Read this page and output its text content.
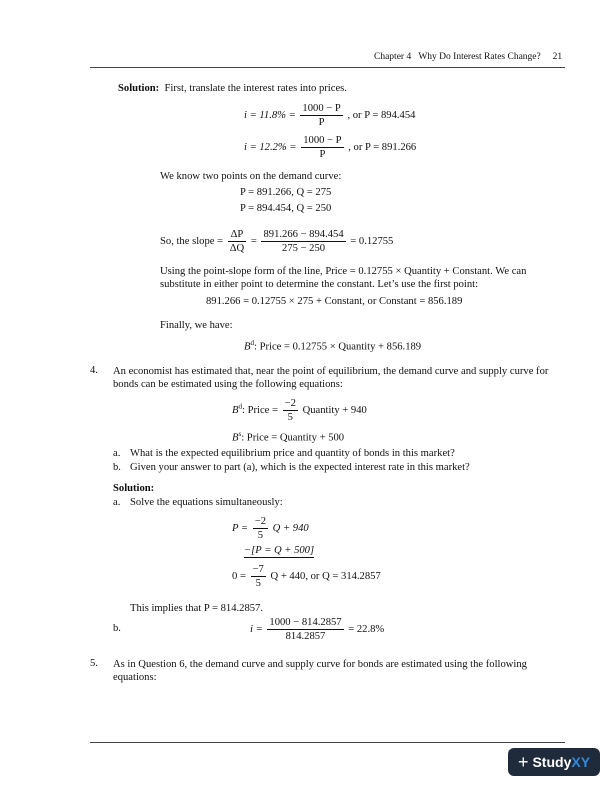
Chapter 4 Why Do Interest Rates Change? 21
Solution: First, translate the interest rates into prices.
$i = 11.8\% = \frac{1000 - P}{P}$ , or P = 894.454
$i = 12.2\% = \frac{1000 - P}{P}$ , or P = 891.266
We know two points on the demand curve:
P = 891.266, Q = 275
P = 894.454, Q = 250
So, the slope = $\frac{\Delta P}{\Delta Q} = \frac{891.266 - 894.454}{275 - 250} = 0.12755$
Using the point-slope form of the line, Price = 0.12755 × Quantity + Constant. We can substitute in either point to determine the constant. Let’s use the first point:
891.266 = 0.12755 × 275 + Constant, or Constant = 856.189
Finally, we have:
$B^d$: Price = 0.12755 × Quantity + 856.189
4. An economist has estimated that, near the point of equilibrium, the demand curve and supply curve for bonds can be estimated using the following equations:
$B^d$: Price = $\frac{-2}{5}$ Quantity + 940
$B^s$: Price = Quantity + 500
a. What is the expected equilibrium price and quantity of bonds in this market?
b. Given your answer to part (a), which is the expected interest rate in this market?
Solution:
a. Solve the equations simultaneously:
$P = \frac{-2}{5}$ Q + 940
−[P = Q + 500]
$0 = \frac{-7}{5}$ Q + 440, or Q = 314.2857
This implies that P = 814.2857.
b.	$i = \frac{1000 - 814.2857}{814.2857} = 22.8\%$
5. As in Question 6, the demand curve and supply curve for bonds are estimated using the following equations:
+ Study XY
